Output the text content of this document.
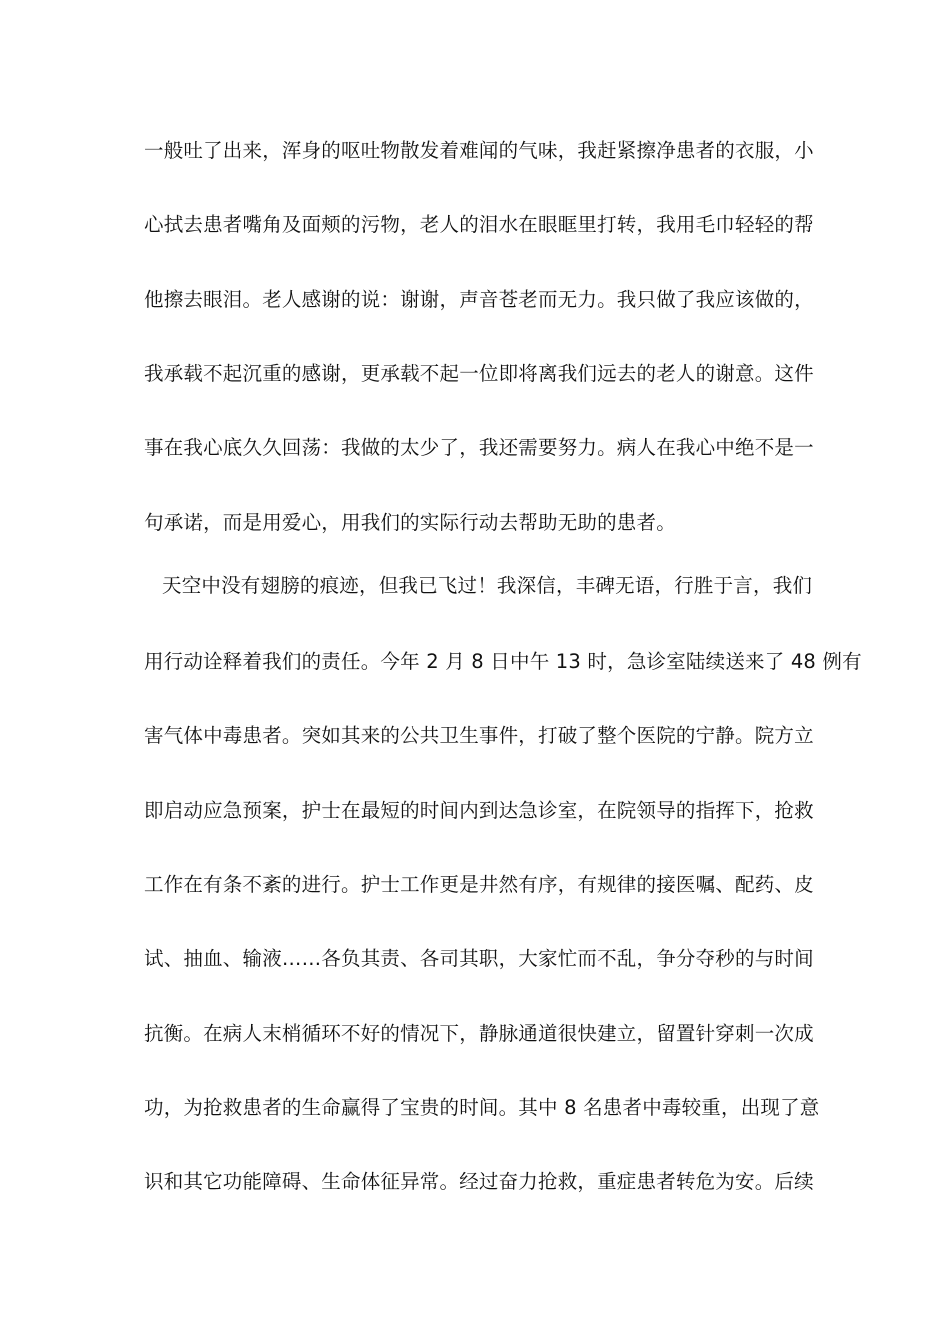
一般吐了出来，浑身的呕吐物散发着难闻的气味，我赶紧擦净患者的衣服，小
心拭去患者嘴角及面颊的污物，老人的泪水在眼眶里打转，我用毛巾轻轻的帮
他擦去眼泪。老人感谢的说：谢谢，声音苍老而无力。我只做了我应该做的，
我承载不起沉重的感谢，更承载不起一位即将离我们远去的老人的谢意。这件
事在我心底久久回荡：我做的太少了，我还需要努力。病人在我心中绝不是一
句承诺，而是用爱心，用我们的实际行动去帮助无助的患者。
天空中没有翅膀的痕迹，但我已飞过！我深信，丰碑无语，行胜于言，我们
用行动诠释着我们的责任。今年 2 月 8 日中午 13 时，急诊室陆续送来了 48 例有
害气体中毒患者。突如其来的公共卫生事件，打破了整个医院的宁静。院方立
即启动应急预案，护士在最短的时间内到达急诊室，在院领导的指挥下，抢救
工作在有条不紊的进行。护士工作更是井然有序，有规律的接医嘱、配药、皮
试、抽血、输液……各负其责、各司其职，大家忙而不乱，争分夺秒的与时间
抗衡。在病人末梢循环不好的情况下，静脉通道很快建立，留置针穿刺一次成
功，为抢救患者的生命赢得了宝贵的时间。其中 8 名患者中毒较重，出现了意
识和其它功能障碍、生命体征异常。经过奋力抢救，重症患者转危为安。后续
